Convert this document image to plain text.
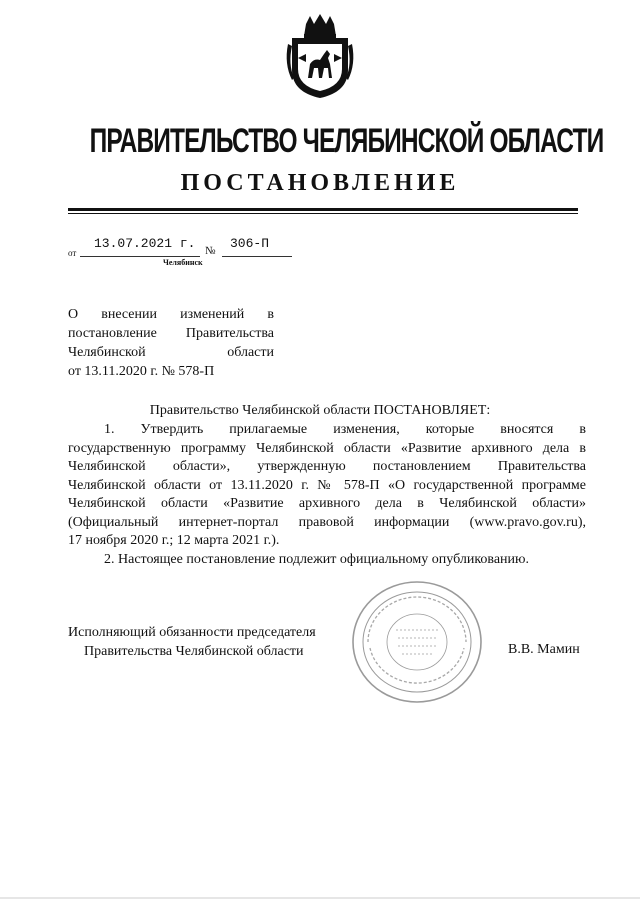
ПРАВИТЕЛЬСТВО ЧЕЛЯБИНСКОЙ ОБЛАСТИ
ПОСТАНОВЛЕНИЕ
от
13.07.2021 г. № 306-П
Челябинск
О внесении изменений в
постановление Правительства
Челябинской области
от 13.11.2020 г. № 578-П
Правительство Челябинской области ПОСТАНОВЛЯЕТ:
1. Утвердить прилагаемые изменения, которые вносятся в
государственную программу Челябинской области «Развитие архивного дела в
Челябинской области», утвержденную постановлением Правительства
Челябинской области от 13.11.2020 г. № 578-П «О государственной программе
Челябинской области «Развитие архивного дела в Челябинской области»
(Официальный интернет-портал правовой информации (www.pravo.gov.ru),
17 ноября 2020 г.; 12 марта 2021 г.).
2. Настоящее постановление подлежит официальному опубликованию.
Исполняющий обязанности председателя
Правительства Челябинской области	В.В. Мамин
